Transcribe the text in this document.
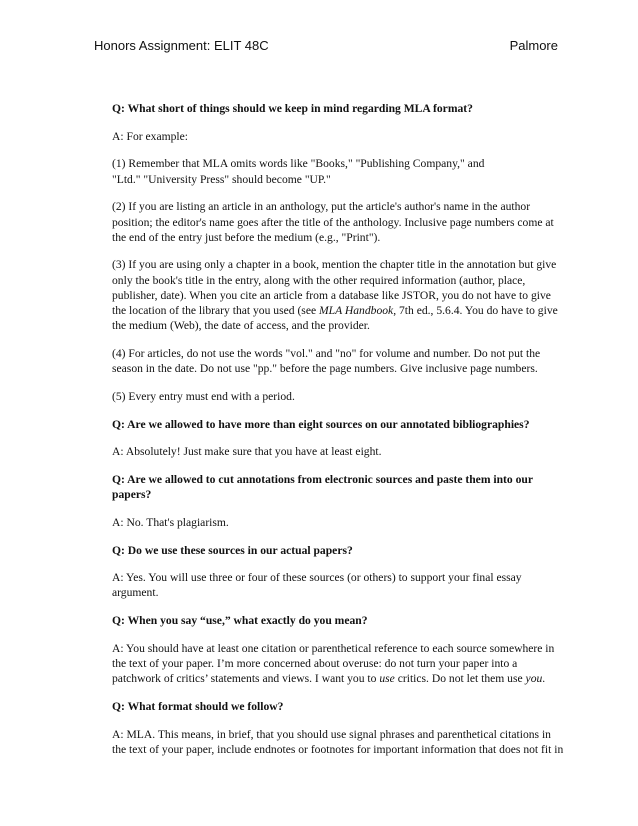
Honors Assignment: ELIT 48C	Palmore
Q: What short of things should we keep in mind regarding MLA format?
A: For example:
(1) Remember that MLA omits words like "Books," "Publishing Company," and
"Ltd." "University Press" should become "UP."
(2) If you are listing an article in an anthology, put the article's author's name in the author
position; the editor's name goes after the title of the anthology. Inclusive page numbers come at
the end of the entry just before the medium (e.g., "Print").
(3) If you are using only a chapter in a book, mention the chapter title in the annotation but give
only the book's title in the entry, along with the other required information (author, place,
publisher, date). When you cite an article from a database like JSTOR, you do not have to give
the location of the library that you used (see MLA Handbook, 7th ed., 5.6.4. You do have to give
the medium (Web), the date of access, and the provider.
(4) For articles, do not use the words "vol." and "no" for volume and number. Do not put the
season in the date. Do not use "pp." before the page numbers. Give inclusive page numbers.
(5) Every entry must end with a period.
Q: Are we allowed to have more than eight sources on our annotated bibliographies?
A: Absolutely! Just make sure that you have at least eight.
Q: Are we allowed to cut annotations from electronic sources and paste them into our
papers?
A: No. That's plagiarism.
Q: Do we use these sources in our actual papers?
A: Yes. You will use three or four of these sources (or others) to support your final essay
argument.
Q: When you say “use,” what exactly do you mean?
A: You should have at least one citation or parenthetical reference to each source somewhere in
the text of your paper. I’m more concerned about overuse: do not turn your paper into a
patchwork of critics’ statements and views. I want you to use critics. Do not let them use you.
Q: What format should we follow?
A: MLA. This means, in brief, that you should use signal phrases and parenthetical citations in
the text of your paper, include endnotes or footnotes for important information that does not fit in
